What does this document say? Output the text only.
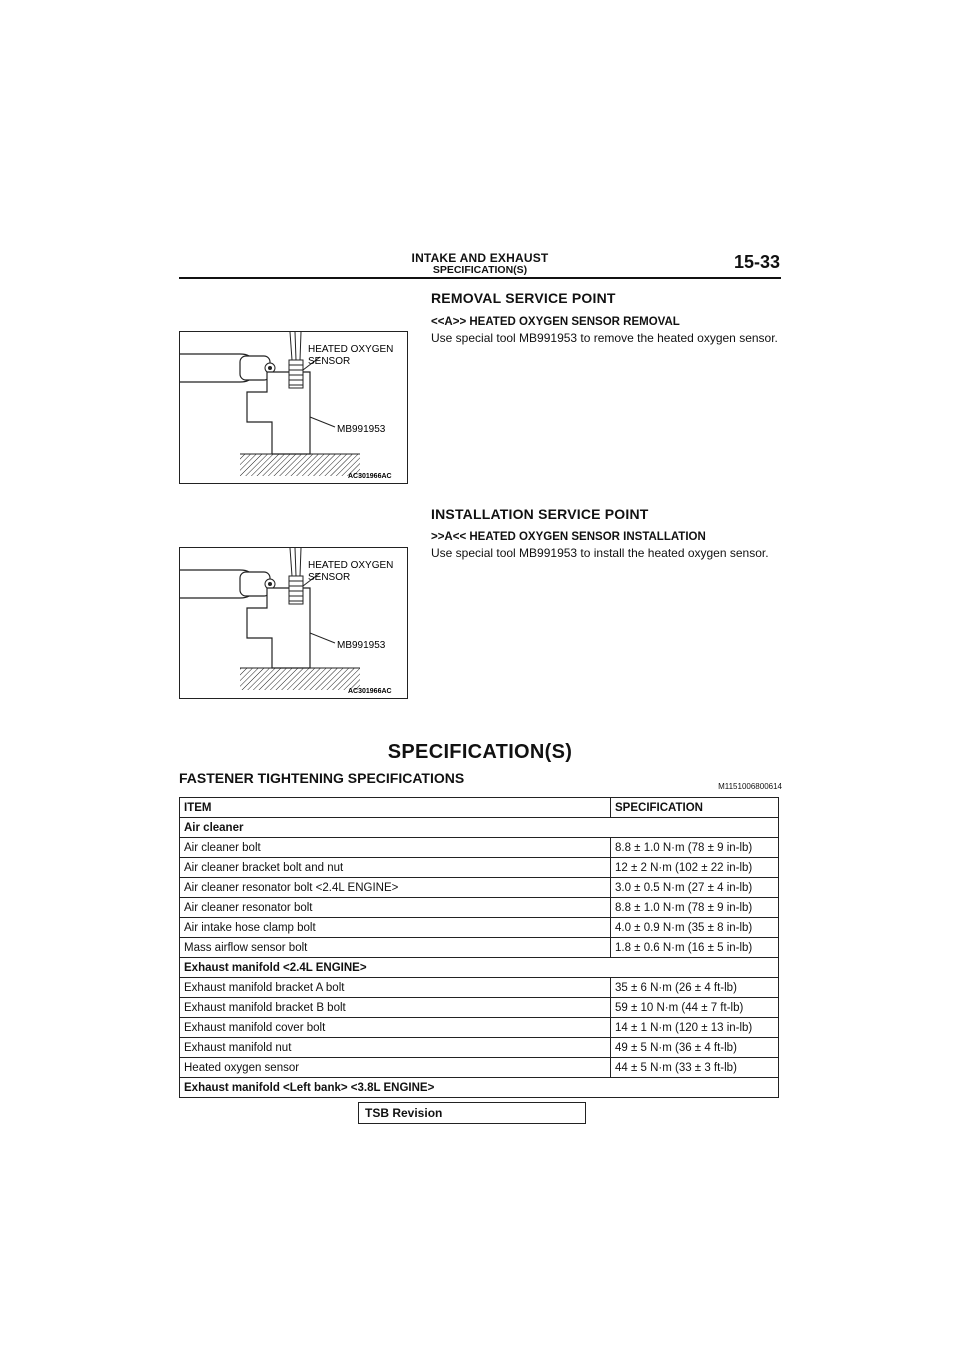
INTAKE AND EXHAUST
SPECIFICATION(S)	15-33
REMOVAL SERVICE POINT
<<A>> HEATED OXYGEN SENSOR REMOVAL
Use special tool MB991953 to remove the heated oxygen sensor.
HEATED OXYGEN
SENSOR
MB991953
AC301966AC
INSTALLATION SERVICE POINT
>>A<< HEATED OXYGEN SENSOR INSTALLATION
Use special tool MB991953 to install the heated oxygen sensor.
HEATED OXYGEN
SENSOR
MB991953
AC301966AC
SPECIFICATION(S)
FASTENER TIGHTENING SPECIFICATIONS
M1151006800614
ITEM	SPECIFICATION
Air cleaner	
Air cleaner bolt	8.8 ± 1.0 N·m (78 ± 9 in-lb)
Air cleaner bracket bolt and nut	12 ± 2 N·m (102 ± 22 in-lb)
Air cleaner resonator bolt <2.4L ENGINE>	3.0 ± 0.5 N·m (27 ± 4 in-lb)
Air cleaner resonator bolt	8.8 ± 1.0 N·m (78 ± 9 in-lb)
Air intake hose clamp bolt	4.0 ± 0.9 N·m (35 ± 8 in-lb)
Mass airflow sensor bolt	1.8 ± 0.6 N·m (16 ± 5 in-lb)
Exhaust manifold <2.4L ENGINE>	
Exhaust manifold bracket A bolt	35 ± 6 N·m (26 ± 4 ft-lb)
Exhaust manifold bracket B bolt	59 ± 10 N·m (44 ± 7 ft-lb)
Exhaust manifold cover bolt	14 ± 1 N·m (120 ± 13 in-lb)
Exhaust manifold nut	49 ± 5 N·m (36 ± 4 ft-lb)
Heated oxygen sensor	44 ± 5 N·m (33 ± 3 ft-lb)
Exhaust manifold <Left bank> <3.8L ENGINE>	
TSB Revision
